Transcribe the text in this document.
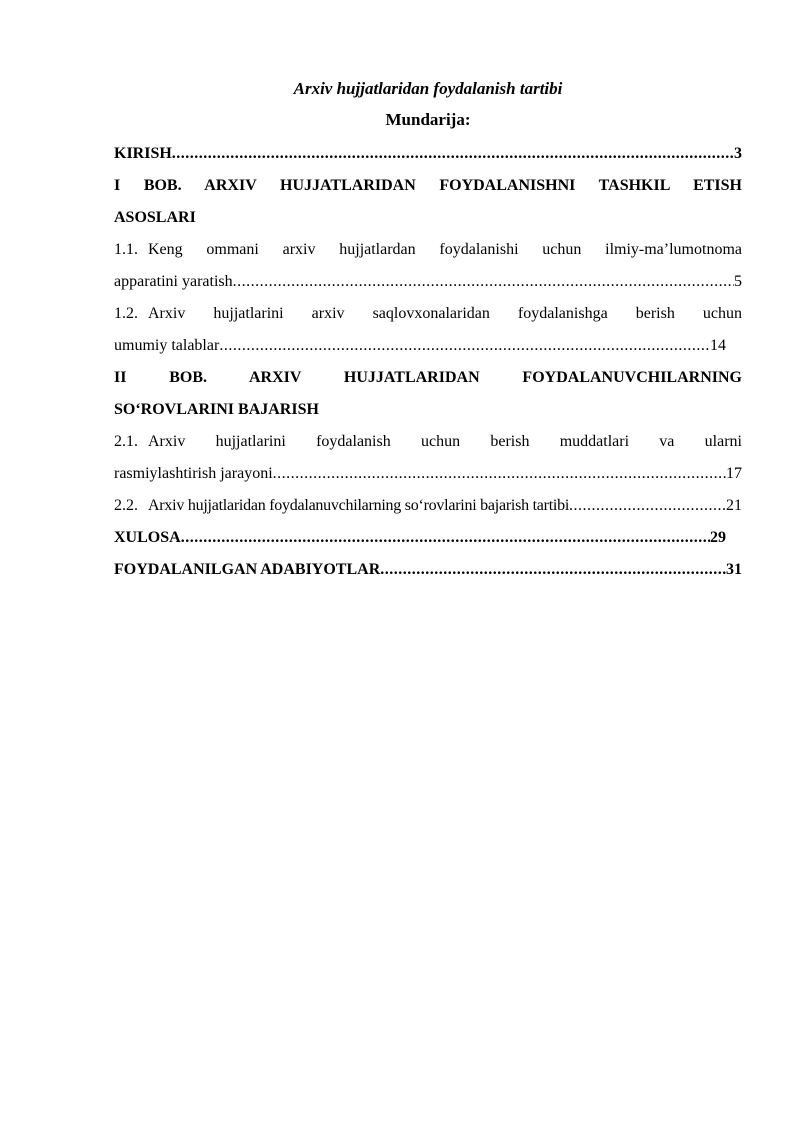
Arxiv hujjatlaridan foydalanish tartibi

Mundarija:

KIRISH .....	3
I BOB. ARXIV HUJJATLARIDAN FOYDALANISHNI TASHKIL ETISH
ASOSLARI
1.1. Keng ommani arxiv hujjatlardan foydalanishi uchun ilmiy-ma’lumotnoma
apparatini yaratish .....	5
1.2. Arxiv hujjatlarini arxiv saqlovxonalaridan foydalanishga berish uchun
umumiy talablar .....	14
II BOB. ARXIV HUJJATLARIDAN FOYDALANUVCHILARNING
SO‘ROVLARINI BAJARISH
2.1. Arxiv hujjatlarini foydalanish uchun berish muddatlari va ularni
rasmiylashtirish jarayoni .....	17
2.2. Arxiv hujjatlaridan foydalanuvchilarning so‘rovlarini bajarish tartibi .....	21
XULOSA .....	29
FOYDALANILGAN ADABIYOTLAR .....	31
